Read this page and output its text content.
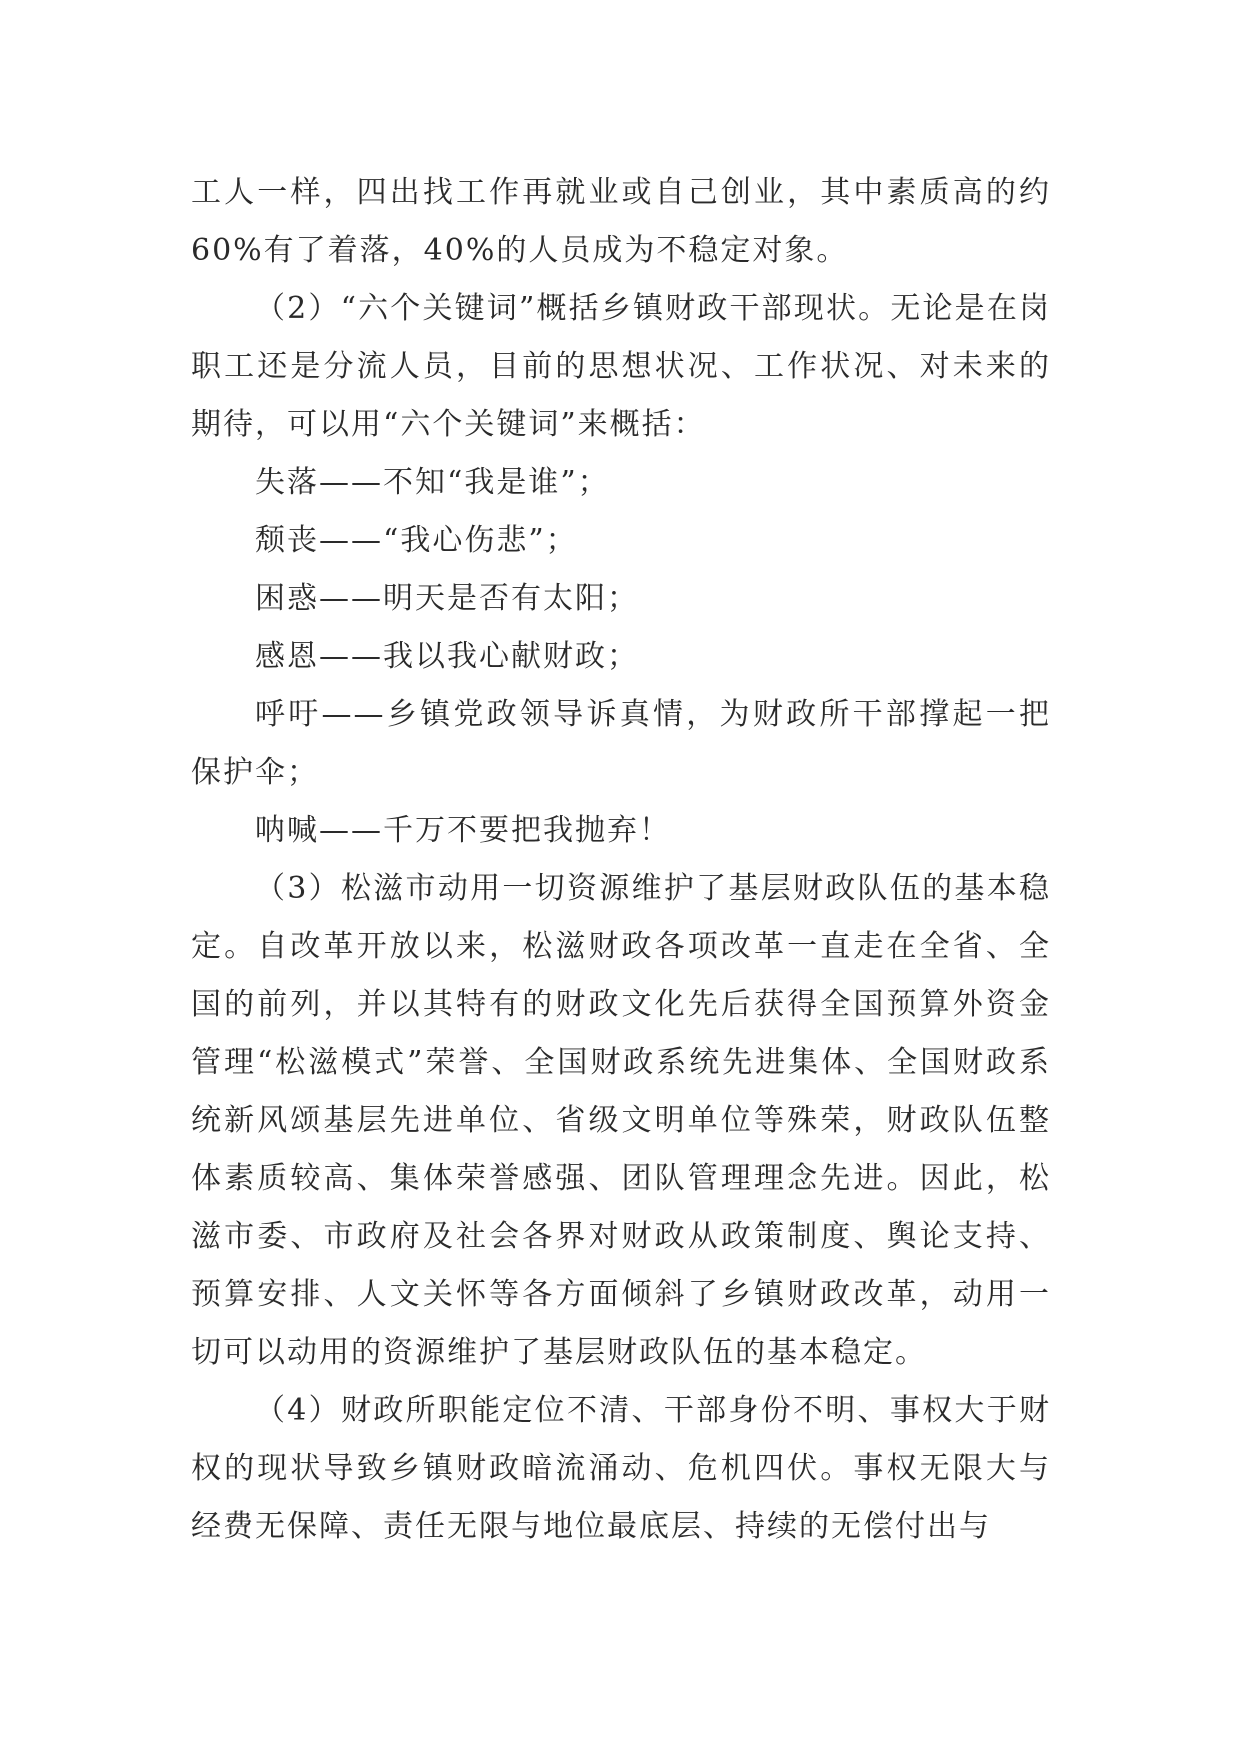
工人一样，四出找工作再就业或自己创业，其中素质高的约60%有了着落，40%的人员成为不稳定对象。

（2）“六个关键词”概括乡镇财政干部现状。无论是在岗职工还是分流人员，目前的思想状况、工作状况、对未来的期待，可以用“六个关键词”来概括：

失落——不知“我是谁”；

颓丧——“我心伤悲”；

困惑——明天是否有太阳；

感恩——我以我心献财政；

呼吁——乡镇党政领导诉真情，为财政所干部撑起一把保护伞；

呐喊——千万不要把我抛弃！

（3）松滋市动用一切资源维护了基层财政队伍的基本稳定。自改革开放以来，松滋财政各项改革一直走在全省、全国的前列，并以其特有的财政文化先后获得全国预算外资金管理“松滋模式”荣誉、全国财政系统先进集体、全国财政系统新风颂基层先进单位、省级文明单位等殊荣，财政队伍整体素质较高、集体荣誉感强、团队管理理念先进。因此，松滋市委、市政府及社会各界对财政从政策制度、舆论支持、预算安排、人文关怀等各方面倾斜了乡镇财政改革，动用一切可以动用的资源维护了基层财政队伍的基本稳定。

（4）财政所职能定位不清、干部身份不明、事权大于财权的现状导致乡镇财政暗流涌动、危机四伏。事权无限大与经费无保障、责任无限与地位最底层、持续的无偿付出与
